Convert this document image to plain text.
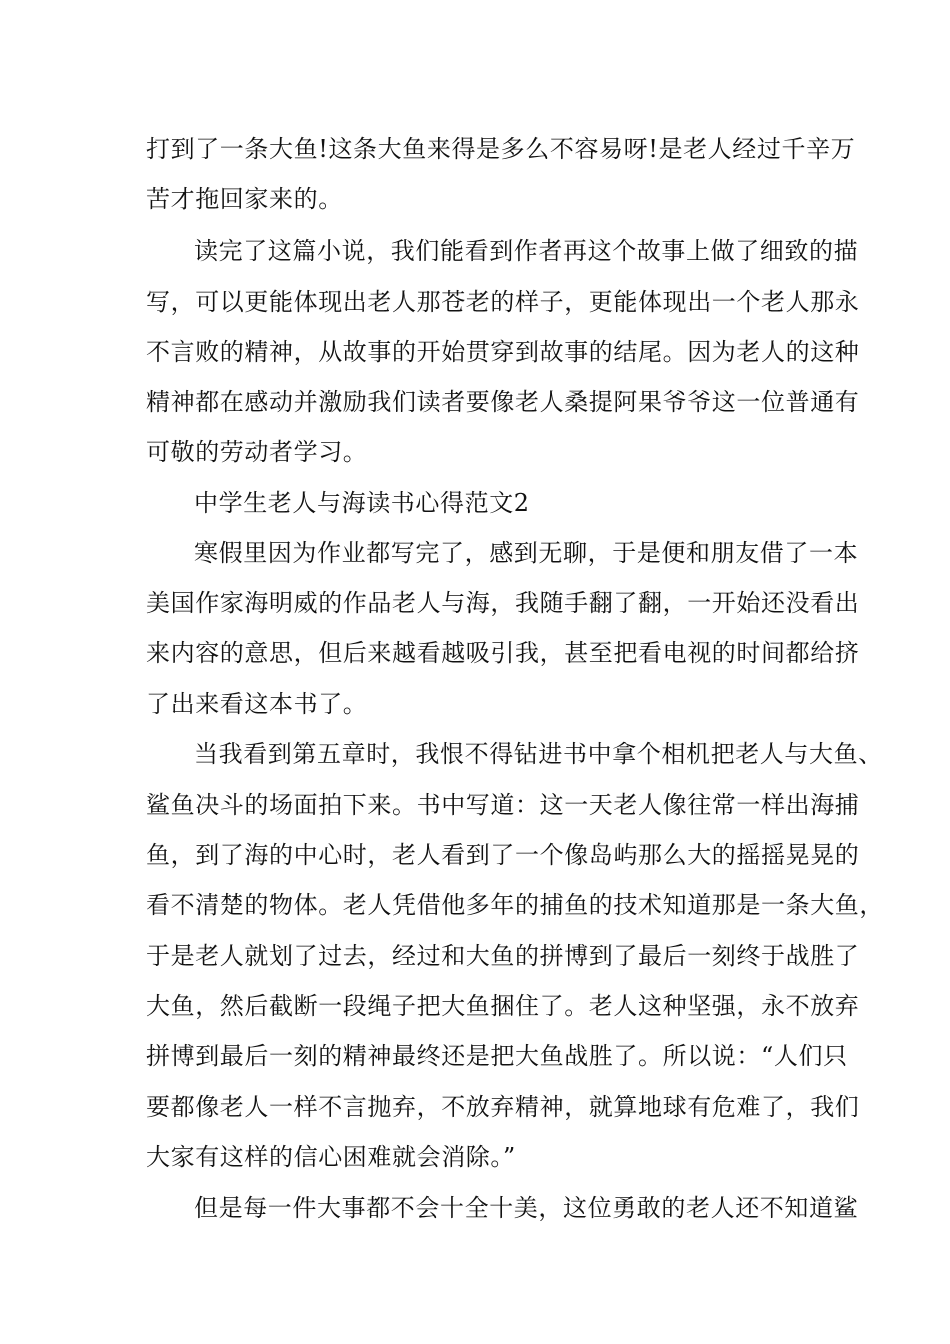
打到了一条大鱼!这条大鱼来得是多么不容易呀!是老人经过千辛万
苦才拖回家来的。
读完了这篇小说，我们能看到作者再这个故事上做了细致的描
写，可以更能体现出老人那苍老的样子，更能体现出一个老人那永
不言败的精神，从故事的开始贯穿到故事的结尾。因为老人的这种
精神都在感动并激励我们读者要像老人桑提阿果爷爷这一位普通有
可敬的劳动者学习。
中学生老人与海读书心得范文2
寒假里因为作业都写完了，感到无聊，于是便和朋友借了一本
美国作家海明威的作品老人与海，我随手翻了翻，一开始还没看出
来内容的意思，但后来越看越吸引我，甚至把看电视的时间都给挤
了出来看这本书了。
当我看到第五章时，我恨不得钻进书中拿个相机把老人与大鱼、
鲨鱼决斗的场面拍下来。书中写道：这一天老人像往常一样出海捕
鱼，到了海的中心时，老人看到了一个像岛屿那么大的摇摇晃晃的
看不清楚的物体。老人凭借他多年的捕鱼的技术知道那是一条大鱼，
于是老人就划了过去，经过和大鱼的拼博到了最后一刻终于战胜了
大鱼，然后截断一段绳子把大鱼捆住了。老人这种坚强，永不放弃
拼博到最后一刻的精神最终还是把大鱼战胜了。所以说：“人们只
要都像老人一样不言抛弃，不放弃精神，就算地球有危难了，我们
大家有这样的信心困难就会消除。”
但是每一件大事都不会十全十美，这位勇敢的老人还不知道鲨
